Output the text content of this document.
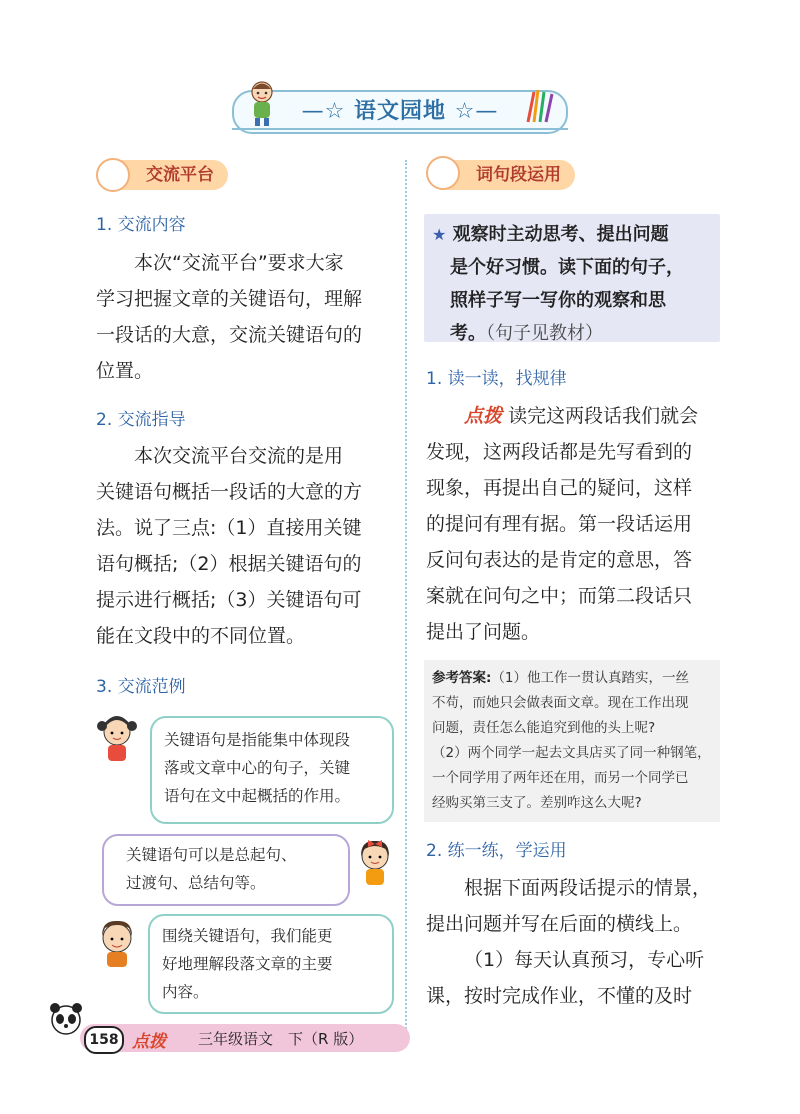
—☆ 语文园地 ☆—
交流平台
1. 交流内容
本次“交流平台”要求大家
学习把握文章的关键语句，理解
一段话的大意，交流关键语句的
位置。
2. 交流指导
本次交流平台交流的是用
关键语句概括一段话的大意的方
法。说了三点:（1）直接用关键
语句概括;（2）根据关键语句的
提示进行概括;（3）关键语句可
能在文段中的不同位置。
3. 交流范例
关键语句是指能集中体现段
落或文章中心的句子，关键
语句在文中起概括的作用。
关键语句可以是总起句、
过渡句、总结句等。
围绕关键语句，我们能更
好地理解段落文章的主要
内容。
词句段运用
★ 观察时主动思考、提出问题
是个好习惯。读下面的句子，
照样子写一写你的观察和思
考。（句子见教材）
1. 读一读，找规律
点拨 读完这两段话我们就会
发现，这两段话都是先写看到的
现象，再提出自己的疑问，这样
的提问有理有据。第一段话运用
反问句表达的是肯定的意思，答
案就在问句之中；而第二段话只
提出了问题。
参考答案:（1）他工作一贯认真踏实，一丝
不苟，而她只会做表面文章。现在工作出现
问题，责任怎么能追究到他的头上呢?
（2）两个同学一起去文具店买了同一种钢笔，
一个同学用了两年还在用，而另一个同学已
经购买第三支了。差别咋这么大呢?
2. 练一练，学运用
根据下面两段话提示的情景，
提出问题并写在后面的横线上。
（1）每天认真预习，专心听
课，按时完成作业，不懂的及时
158 点拨 三年级语文　下（R 版）
